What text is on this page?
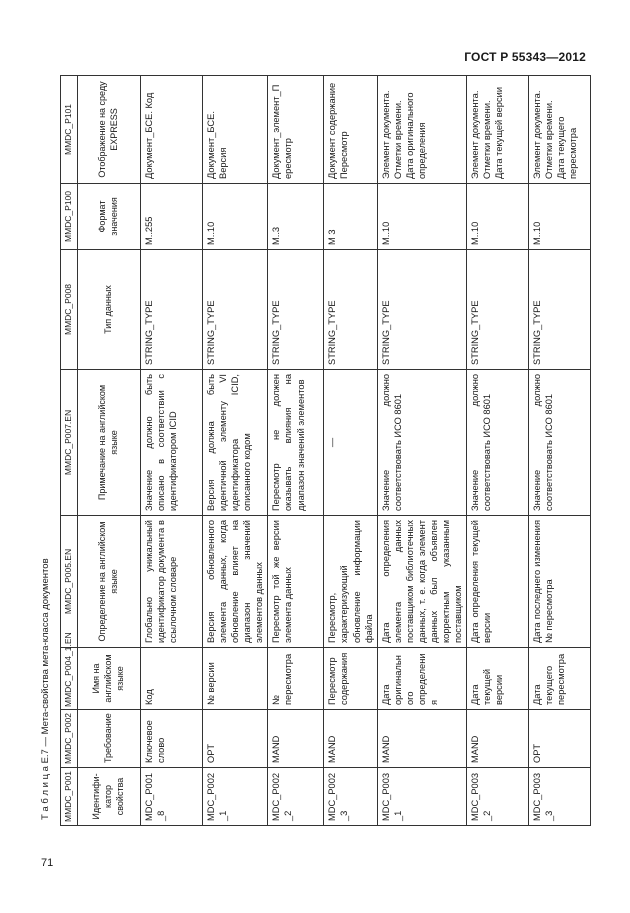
ГОСТ Р 55343—2012
Т а б л и ц а Е.7 — Мета-свойства мета-класса документов MMDC_P001	MMDC_P002	MMDC_P004_1.EN	MMDC_P005.EN	MMDC_P007.EN	MMDC_P008	MMDC_P100	MMDC_P101
Идентифи-катор свойства	Требование	Имя на английском языке	Определение на английском языке	Примечание на английском языке	Тип данных	Формат значения	Отображение на среду EXPRESS
MDC_P001_8	Ключевое слово	Код	Глобально уникальный идентификатор документа в ссылочном словаре	Значение должно быть описано в соответствии с идентификатором ICID	STRING_TYPE	M..255	Документ_БСЕ. Код
MDC_P002_1	OPT	№ версии	Версия обновленного элемента данных, когда обновление влияет на диапазон значений элементов данных	Версия должна быть идентичной элементу VI идентификатора ICID, описанного кодом	STRING_TYPE	M..10	Документ_БСЕ. Версия
MDC_P002_2	MAND	№ пересмотра	Пересмотр той же версии элемента данных	Пересмотр не должен оказывать влияния на диапазон значений элементов	STRING_TYPE	M..3	Документ_элемент_Пересмотр
MDC_P002_3	MAND	Пересмотр содержания	Пересмотр, характеризующий обновление информации файла	—	STRING_TYPE	M 3	Документ содержание Пересмотр
MDC_P003_1	MAND	Дата оригинального определения	Дата определения элемента данных поставщиком библиотечных данных, т. е. когда элемент данных был объявлен корректным указанным поставщиком	Значение должно соответствовать ИСО 8601	STRING_TYPE	M..10	Элемент документа. Отметки времени. Дата оригинального определения
MDC_P003_2	MAND	Дата текущей версии	Дата определения текущей версии	Значение должно соответствовать ИСО 8601	STRING_TYPE	M..10	Элемент документа. Отметки времени. Дата текущей версии
MDC_P003_3	OPT	Дата текущего пересмотра	Дата последнего изменения № пересмотра	Значение должно соответствовать ИСО 8601	STRING_TYPE	M..10	Элемент документа. Отметки времени. Дата текущего пересмотра
71
